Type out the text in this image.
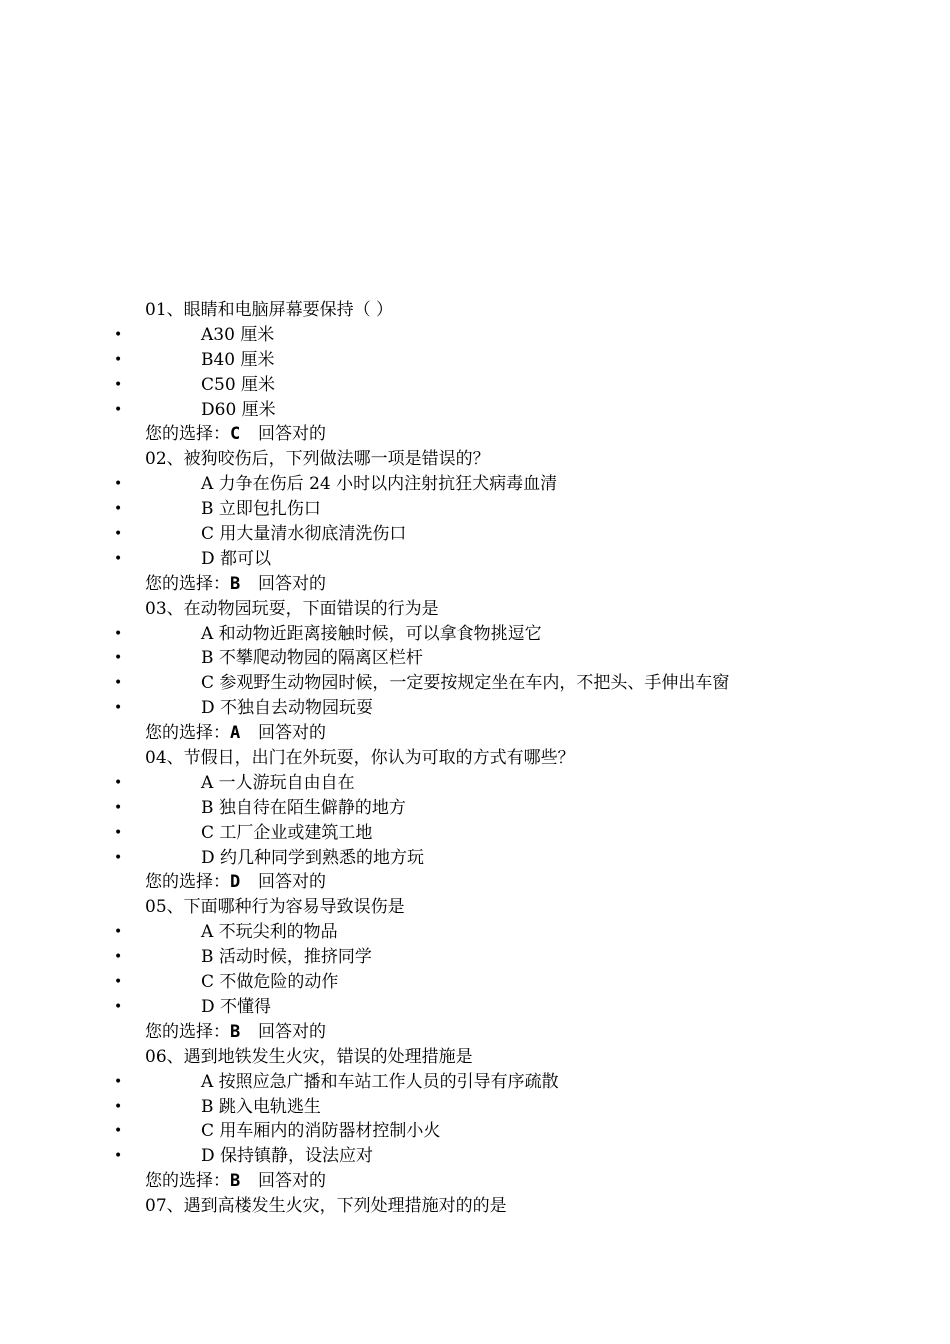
01、眼睛和电脑屏幕要保持（ ）
•	A30 厘米
•	B40 厘米
•	C50 厘米
•	D60 厘米
您的选择：C 回答对的
02、被狗咬伤后，下列做法哪一项是错误的？
•	A 力争在伤后 24 小时以内注射抗狂犬病毒血清
•	B 立即包扎伤口
•	C 用大量清水彻底清洗伤口
•	D 都可以
您的选择：B 回答对的
03、在动物园玩耍，下面错误的行为是
•	A 和动物近距离接触时候，可以拿食物挑逗它
•	B 不攀爬动物园的隔离区栏杆
•	C 参观野生动物园时候，一定要按规定坐在车内，不把头、手伸出车窗
•	D 不独自去动物园玩耍
您的选择：A 回答对的
04、节假日，出门在外玩耍，你认为可取的方式有哪些？
•	A 一人游玩自由自在
•	B 独自待在陌生僻静的地方
•	C 工厂企业或建筑工地
•	D 约几种同学到熟悉的地方玩
您的选择：D 回答对的
05、下面哪种行为容易导致误伤是
•	A 不玩尖利的物品
•	B 活动时候，推挤同学
•	C 不做危险的动作
•	D 不懂得
您的选择：B 回答对的
06、遇到地铁发生火灾，错误的处理措施是
•	A 按照应急广播和车站工作人员的引导有序疏散
•	B 跳入电轨逃生
•	C 用车厢内的消防器材控制小火
•	D 保持镇静，设法应对
您的选择：B 回答对的
07、遇到高楼发生火灾，下列处理措施对的的是
